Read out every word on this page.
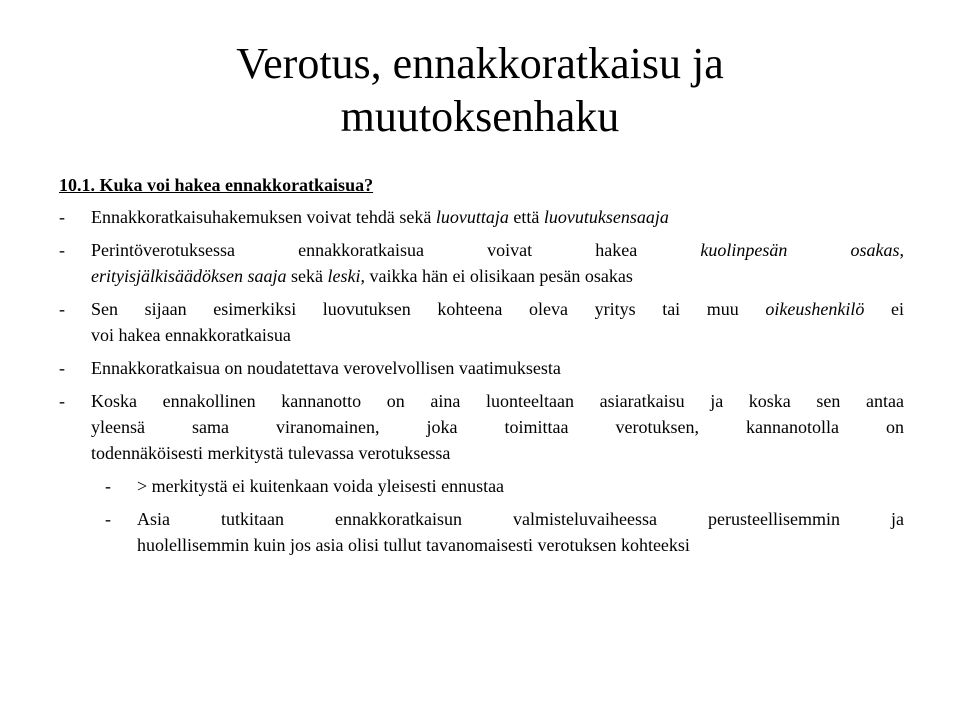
Verotus, ennakkoratkaisu ja
muutoksenhaku
10.1. Kuka voi hakea ennakkoratkaisua?
- Ennakkoratkaisuhakemuksen voivat tehdä sekä luovuttaja että luovutuksensaaja
- Perintöverotuksessa ennakkoratkaisua voivat hakea kuolinpesän osakas,
erityisjälkisäädöksen saaja sekä leski, vaikka hän ei olisikaan pesän osakas
- Sen sijaan esimerkiksi luovutuksen kohteena oleva yritys tai muu oikeushenkilö ei
voi hakea ennakkoratkaisua
- Ennakkoratkaisua on noudatettava verovelvollisen vaatimuksesta
- Koska ennakollinen kannanotto on aina luonteeltaan asiaratkaisu ja koska sen antaa
yleensä sama viranomainen, joka toimittaa verotuksen, kannanotolla on
todennäköisesti merkitystä tulevassa verotuksessa
- > merkitystä ei kuitenkaan voida yleisesti ennustaa
- Asia tutkitaan ennakkoratkaisun valmisteluvaiheessa perusteellisemmin ja
huolellisemmin kuin jos asia olisi tullut tavanomaisesti verotuksen kohteeksi
